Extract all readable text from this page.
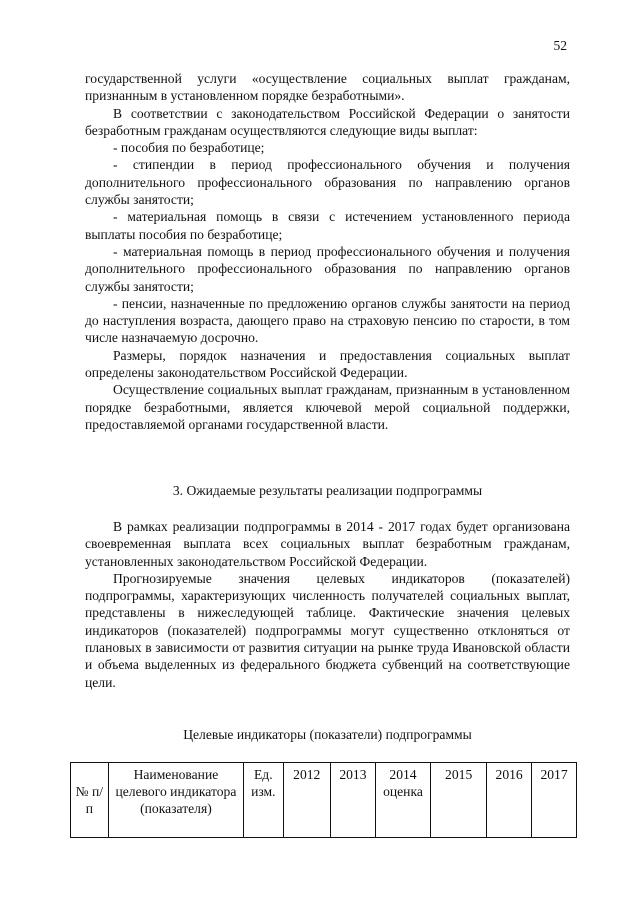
52

государственной услуги «осуществление социальных выплат гражданам, признанным в установленном порядке безработными».

В соответствии с законодательством Российской Федерации о занятости безработным гражданам осуществляются следующие виды выплат:

- пособия по безработице;

- стипендии в период профессионального обучения и получения дополнительного профессионального образования по направлению органов службы занятости;

- материальная помощь в связи с истечением установленного периода выплаты пособия по безработице;

- материальная помощь в период профессионального обучения и получения дополнительного профессионального образования по направлению органов службы занятости;

- пенсии, назначенные по предложению органов службы занятости на период до наступления возраста, дающего право на страховую пенсию по старости, в том числе назначаемую досрочно.

Размеры, порядок назначения и предоставления социальных выплат определены законодательством Российской Федерации.

Осуществление социальных выплат гражданам, признанным в установленном порядке безработными, является ключевой мерой социальной поддержки, предоставляемой органами государственной власти.

3. Ожидаемые результаты реализации подпрограммы

В рамках реализации подпрограммы в 2014 - 2017 годах будет организована своевременная выплата всех социальных выплат безработным гражданам, установленных законодательством Российской Федерации.

Прогнозируемые значения целевых индикаторов (показателей) подпрограммы, характеризующих численность получателей социальных выплат, представлены в нижеследующей таблице. Фактические значения целевых индикаторов (показателей) подпрограммы могут существенно отклоняться от плановых в зависимости от развития ситуации на рынке труда Ивановской области и объема выделенных из федерального бюджета субвенций на соответствующие цели.

Целевые индикаторы (показатели) подпрограммы
№ п/п	Наименование целевого индикатора (показателя)	Ед. изм.	2012	2013	2014 оценка	2015	2016	2017
